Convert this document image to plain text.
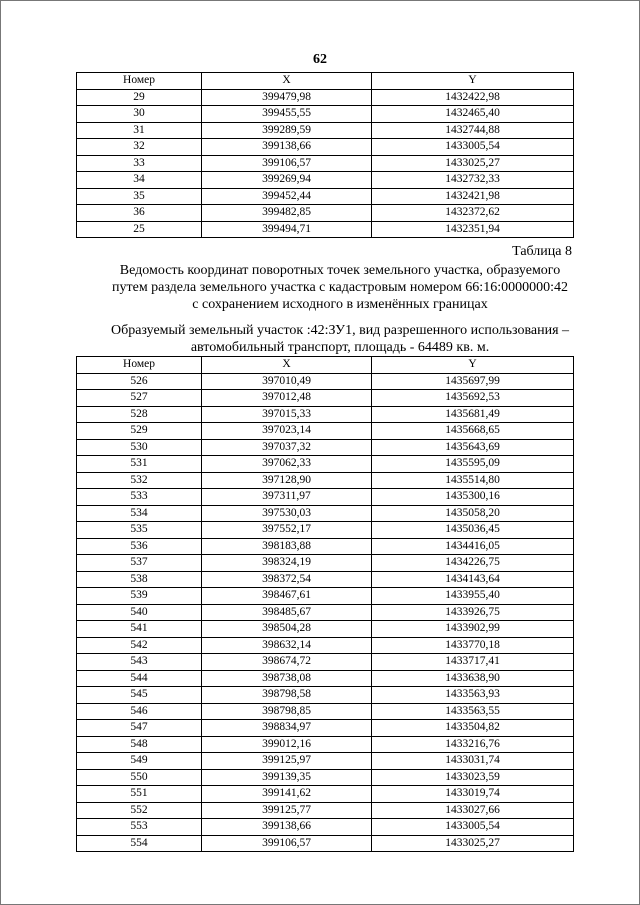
62
Номер	X	Y
29	399479,98	1432422,98
30	399455,55	1432465,40
31	399289,59	1432744,88
32	399138,66	1433005,54
33	399106,57	1433025,27
34	399269,94	1432732,33
35	399452,44	1432421,98
36	399482,85	1432372,62
25	399494,71	1432351,94
Таблица 8
Ведомость координат поворотных точек земельного участка, образуемого
путем раздела земельного участка с кадастровым номером 66:16:0000000:42
с сохранением исходного в изменённых границах
Образуемый земельный участок :42:ЗУ1, вид разрешенного использования –
автомобильный транспорт, площадь - 64489 кв. м.
Номер	X	Y
526	397010,49	1435697,99
527	397012,48	1435692,53
528	397015,33	1435681,49
529	397023,14	1435668,65
530	397037,32	1435643,69
531	397062,33	1435595,09
532	397128,90	1435514,80
533	397311,97	1435300,16
534	397530,03	1435058,20
535	397552,17	1435036,45
536	398183,88	1434416,05
537	398324,19	1434226,75
538	398372,54	1434143,64
539	398467,61	1433955,40
540	398485,67	1433926,75
541	398504,28	1433902,99
542	398632,14	1433770,18
543	398674,72	1433717,41
544	398738,08	1433638,90
545	398798,58	1433563,93
546	398798,85	1433563,55
547	398834,97	1433504,82
548	399012,16	1433216,76
549	399125,97	1433031,74
550	399139,35	1433023,59
551	399141,62	1433019,74
552	399125,77	1433027,66
553	399138,66	1433005,54
554	399106,57	1433025,27
